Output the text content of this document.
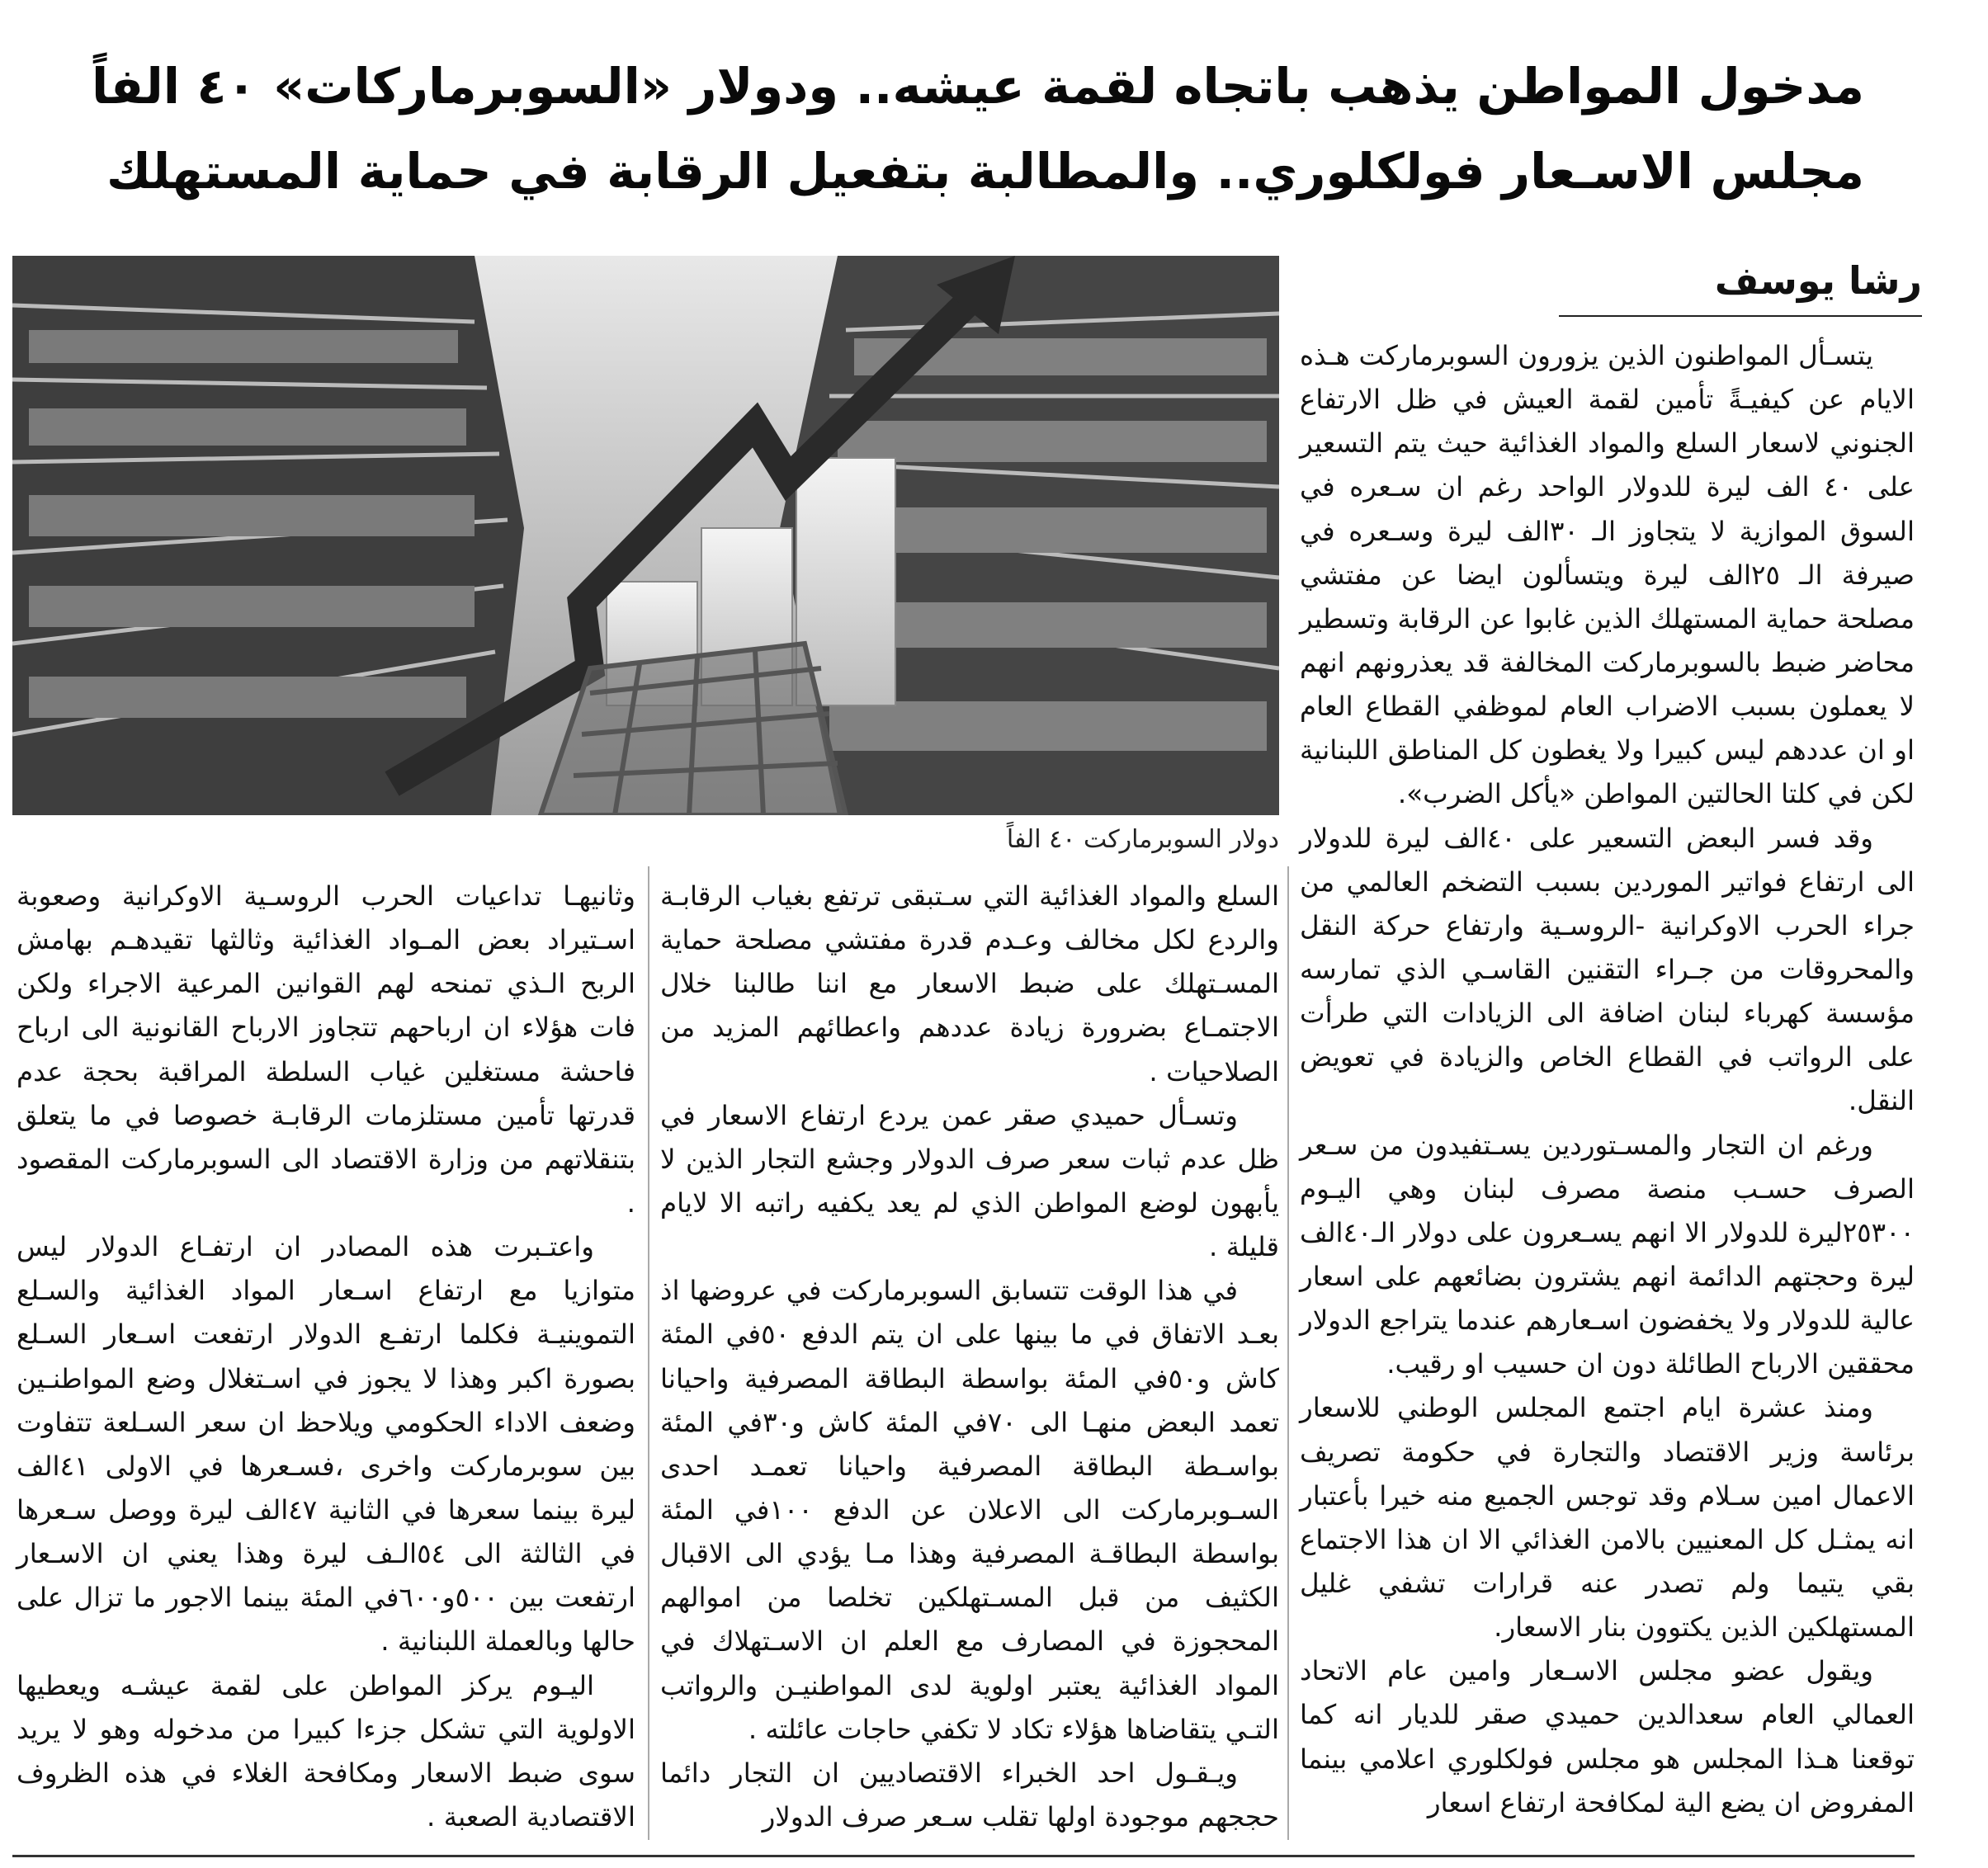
مدخول المواطن يذهب باتجاه لقمة عيشه.. ودولار «السوبرماركات» ٤٠ الفاً
مجلس الاسـعار فولكلوري.. والمطالبة بتفعيل الرقابة في حماية المستهلك
رشا يوسف
دولار السوبرماركت ٤٠ الفاً

يتسـأل المواطنون الذين يزورون السوبرماركت هـذه الايام عن كيفيـةً تأمين لقمة العيش في ظل الارتفاع الجنوني لاسعار السلع والمواد الغذائية حيث يتم التسعير على ٤٠ الف ليرة للدولار الواحد رغم ان سـعره في السوق الموازية لا يتجاوز الـ ٣٠الف ليرة وسـعره في صيرفة الـ ٢٥الف ليرة ويتسألون ايضا عن مفتشي مصلحة حماية المستهلك الذين غابوا عن الرقابة وتسطير محاضر ضبط بالسوبرماركت المخالفة قد يعذرونهم انهم لا يعملون بسبب الاضراب العام لموظفي القطاع العام او ان عددهم ليس كبيرا ولا يغطون كل المناطق اللبنانية لكن في كلتا الحالتين المواطن «يأكل الضرب».

وقد فسر البعض التسعير على ٤٠الف ليرة للدولار الى ارتفاع فواتير الموردين بسبب التضخم العالمي من جراء الحرب الاوكرانية -الروسـية وارتفاع حركة النقل والمحروقات من جـراء التقنين القاسـي الذي تمارسه مؤسسة كهرباء لبنان اضافة الى الزيادات التي طرأت على الرواتب في القطاع الخاص والزيادة في تعويض النقل.

ورغم ان التجار والمسـتوردين يسـتفيدون من سـعر الصرف حسـب منصة مصرف لبنان وهي اليـوم ٢٥٣٠٠ليرة للدولار الا انهم يسـعرون على دولار الـ٤٠الف ليرة وحجتهم الدائمة انهم يشترون بضائعهم على اسعار عالية للدولار ولا يخفضون اسـعارهم عندما يتراجع الدولار محققين الارباح الطائلة دون ان حسيب او رقيب.

ومنذ عشرة ايام اجتمع المجلس الوطني للاسعار برئاسة وزير الاقتصاد والتجارة في حكومة تصريف الاعمال امين سـلام وقد توجس الجميع منه خيرا بأعتبار انه يمثـل كل المعنيين بالامن الغذائي الا ان هذا الاجتماع بقي يتيما ولم تصدر عنه قرارات تشفي غليل المستهلكين الذين يكتوون بنار الاسعار.

ويقول عضو مجلس الاسـعار وامين عام الاتحاد العمالي العام سعدالدين حميدي صقر للديار انه كما توقعنا هـذا المجلس هو مجلس فولكلوري اعلامي بينما المفروض ان يضع الية لمكافحة ارتفاع اسعار

السلع والمواد الغذائية التي سـتبقى ترتفع بغياب الرقابـة والردع لكل مخالف وعـدم قدرة مفتشي مصلحة حماية المسـتهلك على ضبط الاسعار مع اننا طالبنا خلال الاجتمـاع بضرورة زيادة عددهم واعطائهم المزيد من الصلاحيات .

وتسـأل حميدي صقر عمن يردع ارتفاع الاسعار في ظل عدم ثبات سعر صرف الدولار وجشع التجار الذين لا يأبهون لوضع المواطن الذي لم يعد يكفيه راتبه الا لايام قليلة .

في هذا الوقت تتسابق السوبرماركت في عروضها اذ بعـد الاتفاق في ما بينها على ان يتم الدفع ٥٠في المئة كاش و٥٠في المئة بواسطة البطاقة المصرفية واحيانا تعمد البعض منهـا الى ٧٠في المئة كاش و٣٠في المئة بواسـطة البطاقة المصرفية واحيانا تعمـد احدى السـوبرماركت الى الاعلان عن الدفع ١٠٠في المئة بواسطة البطاقـة المصرفية وهذا مـا يؤدي الى الاقبال الكثيف من قبل المسـتهلكين تخلصا من اموالهم المحجوزة في المصارف مع العلم ان الاسـتهلاك في المواد الغذائية يعتبر اولوية لدى المواطنيـن والرواتب التـي يتقاضاها هؤلاء تكاد لا تكفي حاجات عائلته .

ويـقـول احد الخبراء الاقتصاديين ان التجار دائما حججهم موجودة اولها تقلب سـعر صرف الدولار

وثانيهـا تداعيات الحرب الروسـية الاوكرانية وصعوبة اسـتيراد بعض المـواد الغذائية وثالثها تقيدهـم بهامش الربح الـذي تمنحه لهم القوانين المرعية الاجراء ولكن فات هؤلاء ان ارباحهم تتجاوز الارباح القانونية الى ارباح فاحشة مستغلين غياب السلطة المراقبة بحجة عدم قدرتها تأمين مستلزمات الرقابـة خصوصا في ما يتعلق بتنقلاتهم من وزارة الاقتصاد الى السوبرماركت المقصود .

واعتـبرت هذه المصادر ان ارتفـاع الدولار ليس متوازيا مع ارتفاع اسـعار المواد الغذائية والسـلع التموينيـة فكلما ارتفـع الدولار ارتفعت اسـعار السـلع بصورة اكبر وهذا لا يجوز في اسـتغلال وضع المواطنـين وضعف الاداء الحكومي ويلاحظ ان سعر السـلعة تتفاوت بين سوبرماركت واخرى ،فسـعرها في الاولى ٤١الف ليرة بينما سعرها في الثانية ٤٧الف ليرة ووصل سـعرها في الثالثة الى ٥٤الـف ليرة وهذا يعني ان الاسـعار ارتفعت بين ٥٠٠و٦٠٠في المئة بينما الاجور ما تزال على حالها وبالعملة اللبنانية .

اليـوم يركز المواطن على لقمة عيشـه ويعطيها الاولوية التي تشكل جزءا كبيرا من مدخوله وهو لا يريد سوى ضبط الاسعار ومكافحة الغلاء في هذه الظروف الاقتصادية الصعبة .
